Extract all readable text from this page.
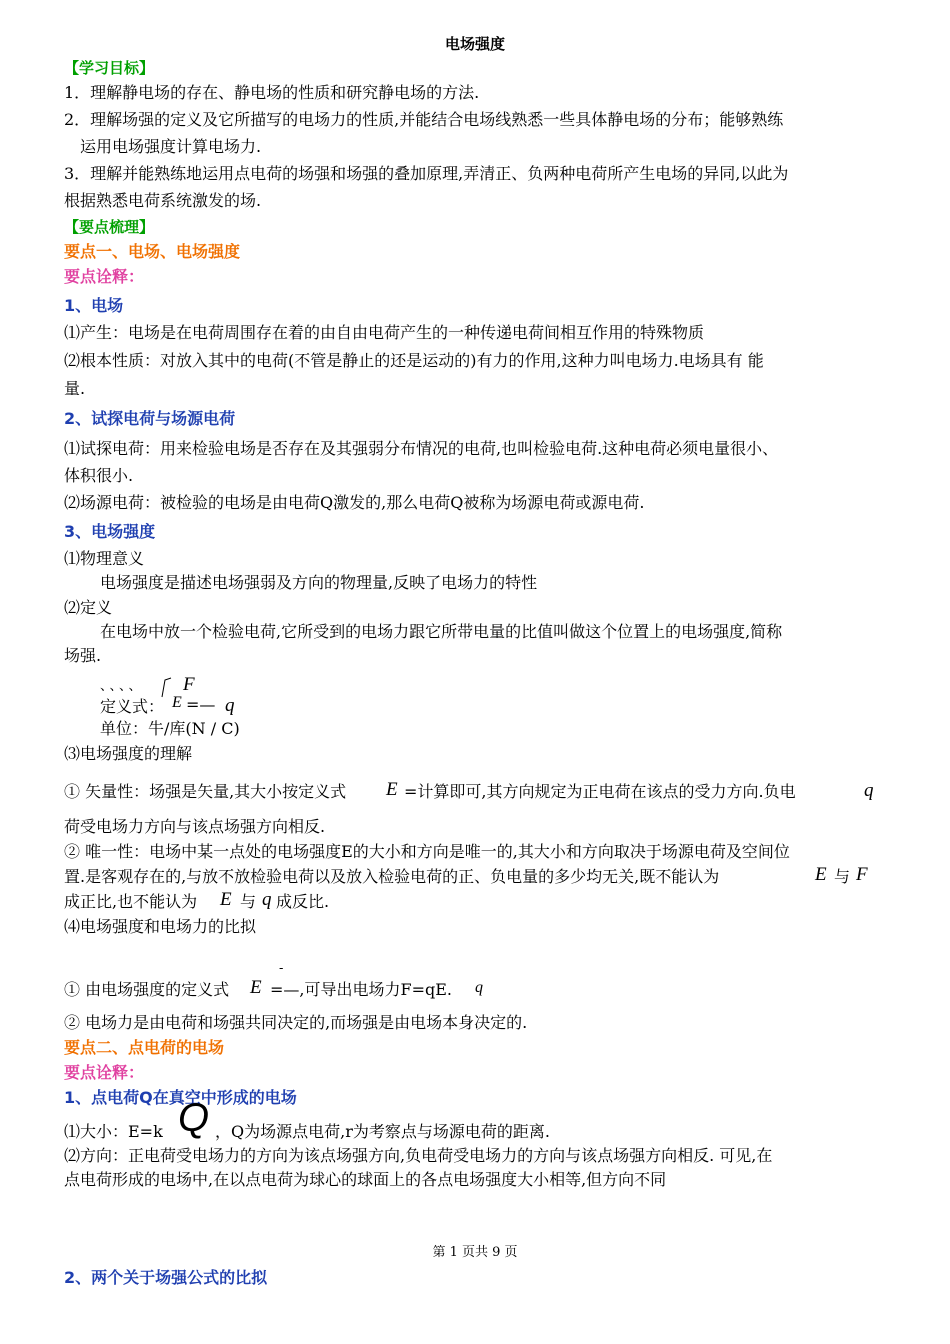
电场强度
【学习目标】
1．理解静电场的存在、静电场的性质和研究静电场的方法.
2．理解场强的定义及它所描写的电场力的性质,并能结合电场线熟悉一些具体静电场的分布；能够熟练
运用电场强度计算电场力.
3．理解并能熟练地运用点电荷的场强和场强的叠加原理,弄清正、负两种电荷所产生电场的异同,以此为
根据熟悉电荷系统激发的场.
【要点梳理】
要点一、电场、电场强度
要点诠释：
1、电场
⑴产生：电场是在电荷周围存在着的由自由电荷产生的一种传递电荷间相互作用的特殊物质
⑵根本性质：对放入其中的电荷(不管是静止的还是运动的)有力的作用,这种力叫电场力.电场具有 能
量.
2、试探电荷与场源电荷
⑴试探电荷：用来检验电场是否存在及其强弱分布情况的电荷,也叫检验电荷.这种电荷必须电量很小、
体积很小.
⑵场源电荷：被检验的电场是由电荷Q激发的,那么电荷Q被称为场源电荷或源电荷.
3、电场强度
⑴物理意义
电场强度是描述电场强弱及方向的物理量,反映了电场力的特性
⑵定义
在电场中放一个检验电荷,它所受到的电场力跟它所带电量的比值叫做这个位置上的电场强度,简称
场强.
、、、、 F
E
定义式： =— q
单位：牛/库(N / C)
⑶电场强度的理解
① 矢量性：场强是矢量,其大小按定义式 E =计算即可,其方向规定为正电荷在该点的受力方向.负电	q
荷受电场力方向与该点场强方向相反.
② 唯一性：电场中某一点处的电场强度E的大小和方向是唯一的,其大小和方向取决于场源电荷及空间位
置.是客观存在的,与放不放检验电荷以及放入检验电荷的正、负电量的多少均无关,既不能认为	E 与 F
成正比,也不能认为 E 与 q 成反比.
⑷电场强度和电场力的比拟
-
① 由电场强度的定义式 E =—,可导出电场力F=qE. q
② 电场力是由电荷和场强共同决定的,而场强是由电场本身决定的.
要点二、点电荷的电场
要点诠释：
1、点电荷Q在真空中形成的电场
⑴大小：E=k Q ，Q为场源点电荷,r为考察点与场源电荷的距离.
⑵方向：正电荷受电场力的方向为该点场强方向,负电荷受电场力的方向与该点场强方向相反. 可见,在
点电荷形成的电场中,在以点电荷为球心的球面上的各点电场强度大小相等,但方向不同
第 1 页共 9 页
2、两个关于场强公式的比拟
